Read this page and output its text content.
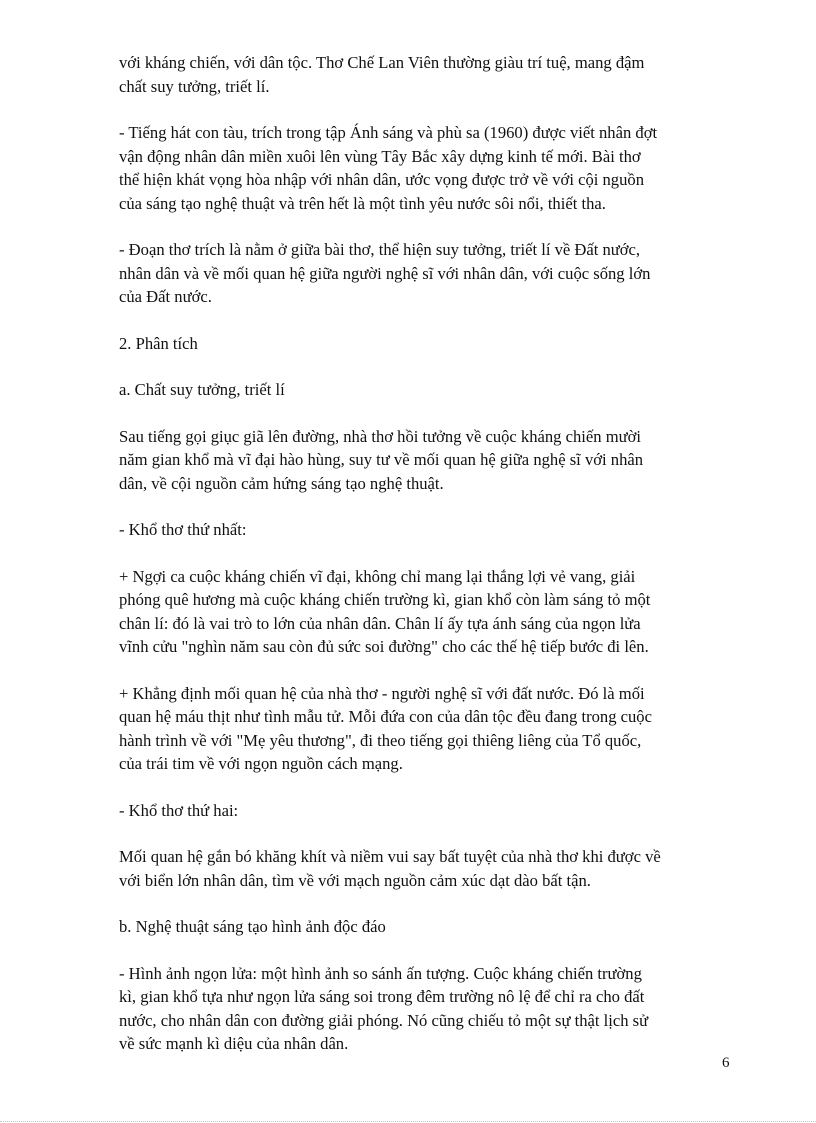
với kháng chiến, với dân tộc. Thơ Chế Lan Viên thường giàu trí tuệ, mang đậm
chất suy tưởng, triết lí.

- Tiếng hát con tàu, trích trong tập Ánh sáng và phù sa (1960) được viết nhân đợt
vận động nhân dân miền xuôi lên vùng Tây Bắc xây dựng kinh tế mới. Bài thơ
thể hiện khát vọng hòa nhập với nhân dân, ước vọng được trở về với cội nguồn
của sáng tạo nghệ thuật và trên hết là một tình yêu nước sôi nổi, thiết tha.

- Đoạn thơ trích là nằm ở giữa bài thơ, thể hiện suy tưởng, triết lí về Đất nước,
nhân dân và về mối quan hệ giữa người nghệ sĩ với nhân dân, với cuộc sống lớn
của Đất nước.

2. Phân tích

a. Chất suy tưởng, triết lí

Sau tiếng gọi giục giã lên đường, nhà thơ hồi tưởng về cuộc kháng chiến mười
năm gian khổ mà vĩ đại hào hùng, suy tư về mối quan hệ giữa nghệ sĩ với nhân
dân, về cội nguồn cảm hứng sáng tạo nghệ thuật.

- Khổ thơ thứ nhất:

+ Ngợi ca cuộc kháng chiến vĩ đại, không chỉ mang lại thắng lợi vẻ vang, giải
phóng quê hương mà cuộc kháng chiến trường kì, gian khổ còn làm sáng tỏ một
chân lí: đó là vai trò to lớn của nhân dân. Chân lí ấy tựa ánh sáng của ngọn lửa
vĩnh cửu "nghìn năm sau còn đủ sức soi đường" cho các thế hệ tiếp bước đi lên.

+ Khẳng định mối quan hệ của nhà thơ - người nghệ sĩ với đất nước. Đó là mối
quan hệ máu thịt như tình mẫu tử. Mỗi đứa con của dân tộc đều đang trong cuộc
hành trình về với "Mẹ yêu thương", đi theo tiếng gọi thiêng liêng của Tổ quốc,
của trái tim về với ngọn nguồn cách mạng.

- Khổ thơ thứ hai:

Mối quan hệ gắn bó khăng khít và niềm vui say bất tuyệt của nhà thơ khi được về
với biển lớn nhân dân, tìm về với mạch nguồn cảm xúc dạt dào bất tận.

b. Nghệ thuật sáng tạo hình ảnh độc đáo

- Hình ảnh ngọn lửa: một hình ảnh so sánh ấn tượng. Cuộc kháng chiến trường
kì, gian khổ tựa như ngọn lửa sáng soi trong đêm trường nô lệ để chỉ ra cho đất
nước, cho nhân dân con đường giải phóng. Nó cũng chiếu tỏ một sự thật lịch sử
về sức mạnh kì diệu của nhân dân.

6
